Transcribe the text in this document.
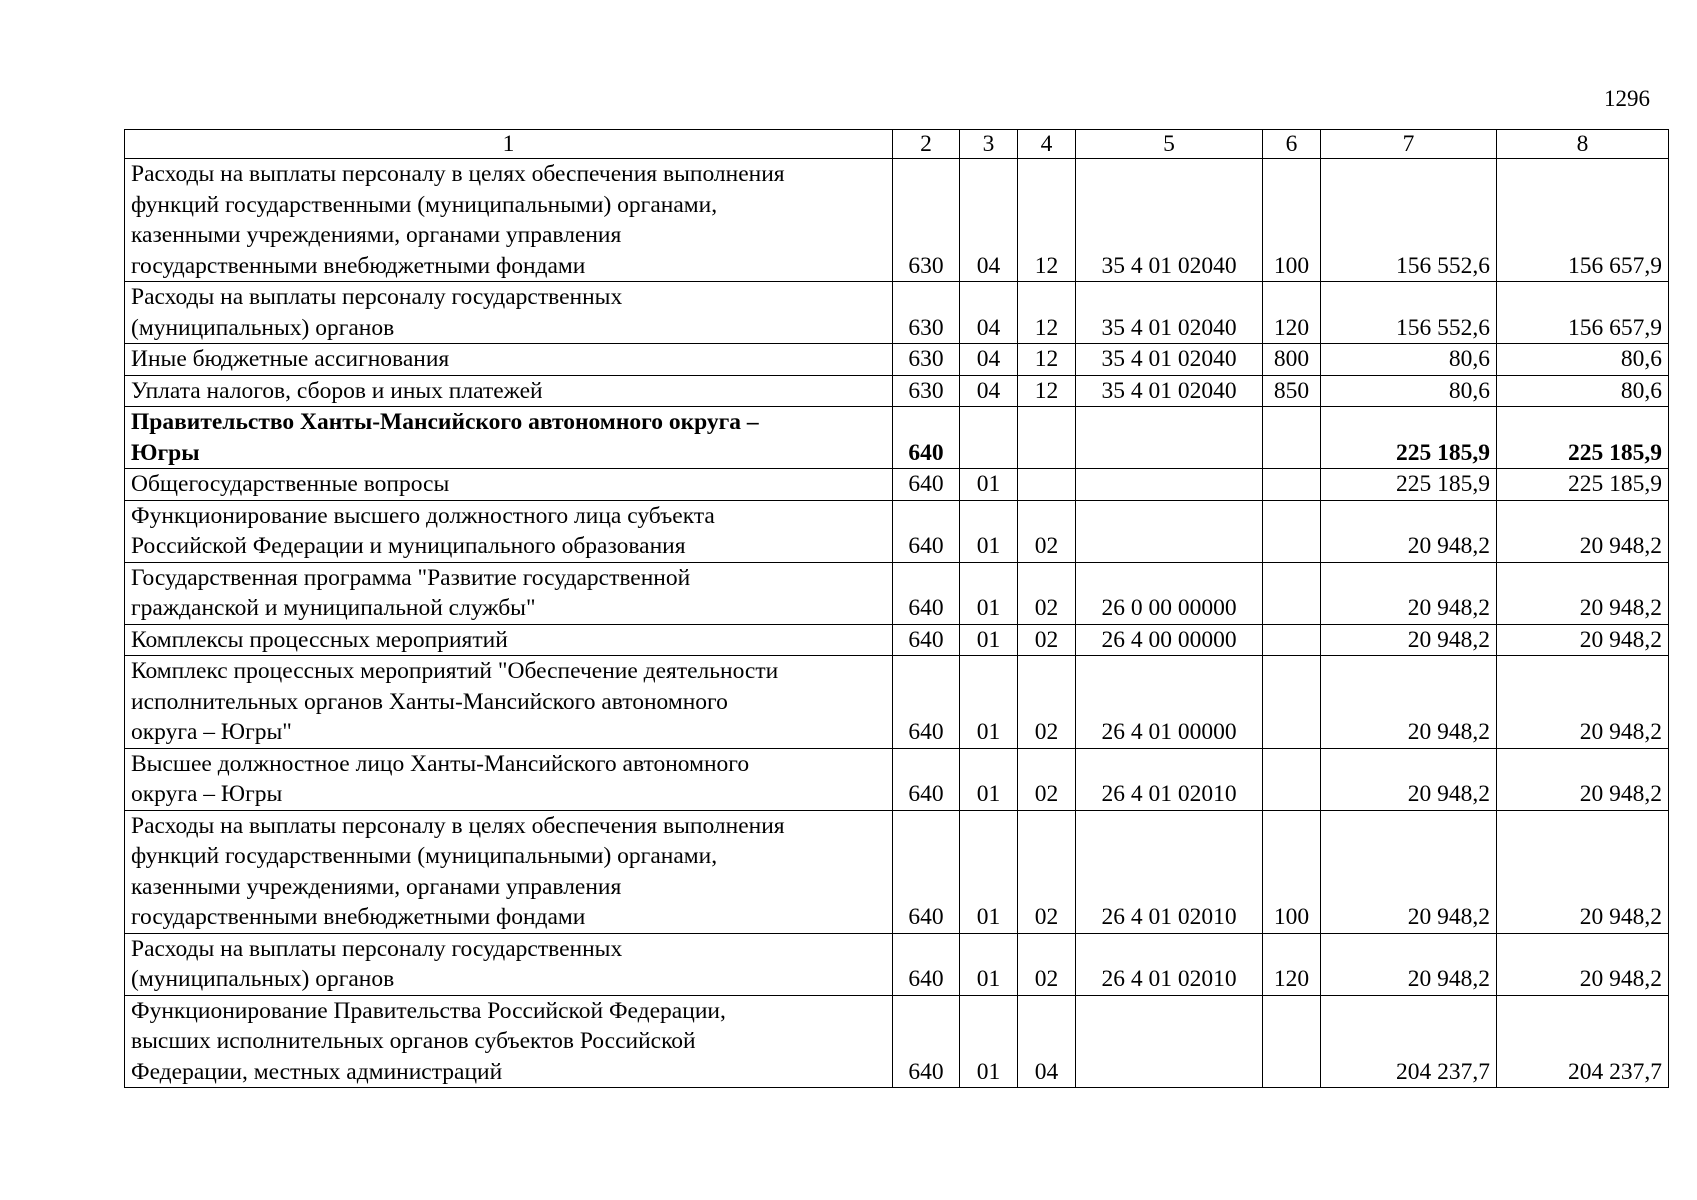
1296
1	2	3	4	5	6	7	8
Расходы на выплаты персоналу в целях обеспечения выполнения
функций государственными (муниципальными) органами,
казенными учреждениями, органами управления
государственными внебюджетными фондами	630	04	12	35 4 01 02040	100	156 552,6	156 657,9
Расходы на выплаты персоналу государственных
(муниципальных) органов	630	04	12	35 4 01 02040	120	156 552,6	156 657,9
Иные бюджетные ассигнования	630	04	12	35 4 01 02040	800	80,6	80,6
Уплата налогов, сборов и иных платежей	630	04	12	35 4 01 02040	850	80,6	80,6
Правительство Ханты-Мансийского автономного округа –
Югры	640					225 185,9	225 185,9
Общегосударственные вопросы	640	01				225 185,9	225 185,9
Функционирование высшего должностного лица субъекта
Российской Федерации и муниципального образования	640	01	02			20 948,2	20 948,2
Государственная программа "Развитие государственной
гражданской и муниципальной службы"	640	01	02	26 0 00 00000		20 948,2	20 948,2
Комплексы процессных мероприятий	640	01	02	26 4 00 00000		20 948,2	20 948,2
Комплекс процессных мероприятий "Обеспечение деятельности
исполнительных органов Ханты-Мансийского автономного
округа – Югры"	640	01	02	26 4 01 00000		20 948,2	20 948,2
Высшее должностное лицо Ханты-Мансийского автономного
округа – Югры	640	01	02	26 4 01 02010		20 948,2	20 948,2
Расходы на выплаты персоналу в целях обеспечения выполнения
функций государственными (муниципальными) органами,
казенными учреждениями, органами управления
государственными внебюджетными фондами	640	01	02	26 4 01 02010	100	20 948,2	20 948,2
Расходы на выплаты персоналу государственных
(муниципальных) органов	640	01	02	26 4 01 02010	120	20 948,2	20 948,2
Функционирование Правительства Российской Федерации,
высших исполнительных органов субъектов Российской
Федерации, местных администраций	640	01	04			204 237,7	204 237,7
